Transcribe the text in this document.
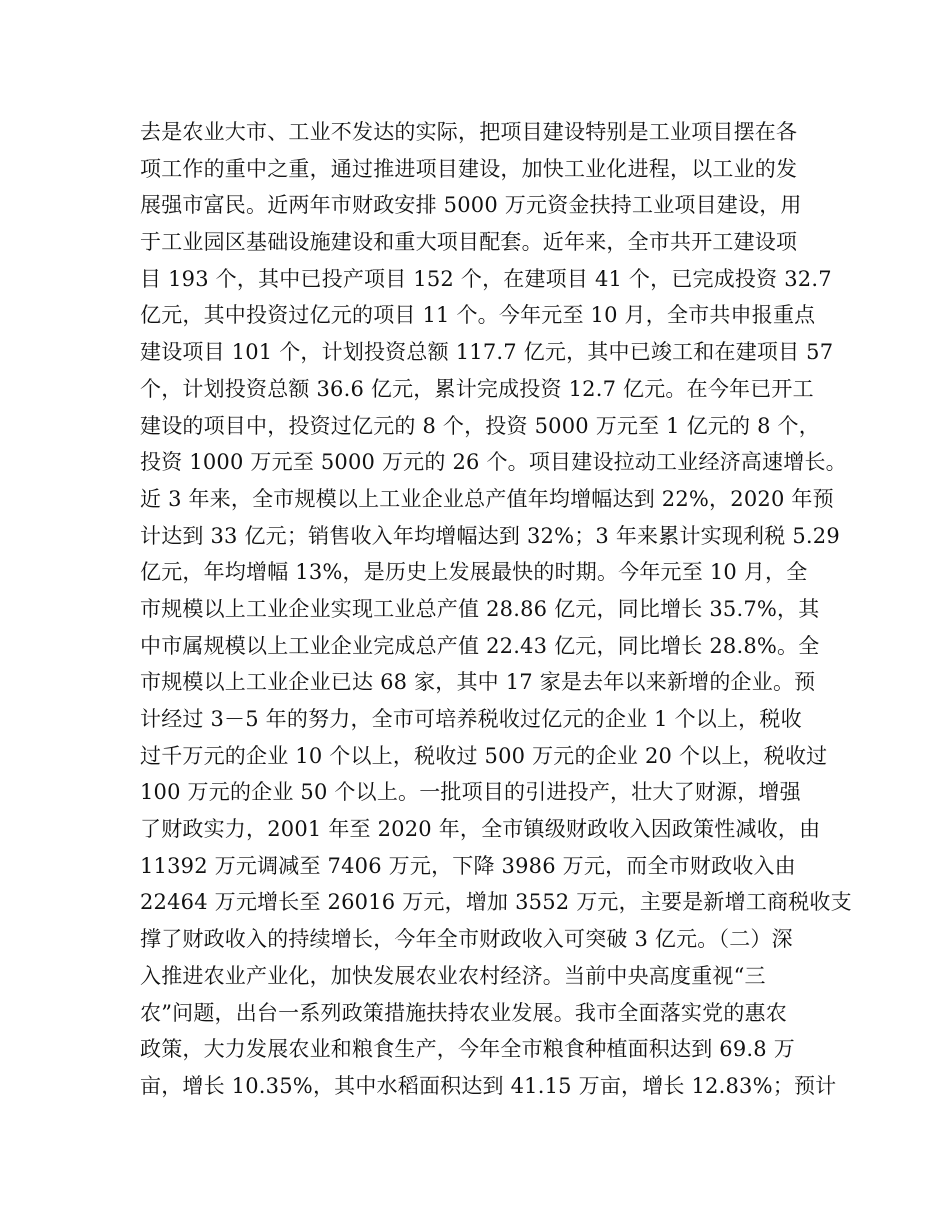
去是农业大市、工业不发达的实际，把项目建设特别是工业项目摆在各
项工作的重中之重，通过推进项目建设，加快工业化进程，以工业的发
展强市富民。近两年市财政安排 5000 万元资金扶持工业项目建设，用
于工业园区基础设施建设和重大项目配套。近年来，全市共开工建设项
目 193 个，其中已投产项目 152 个，在建项目 41 个，已完成投资 32.7
亿元，其中投资过亿元的项目 11 个。今年元至 10 月，全市共申报重点
建设项目 101 个，计划投资总额 117.7 亿元，其中已竣工和在建项目 57
个，计划投资总额 36.6 亿元，累计完成投资 12.7 亿元。在今年已开工
建设的项目中，投资过亿元的 8 个，投资 5000 万元至 1 亿元的 8 个，
投资 1000 万元至 5000 万元的 26 个。项目建设拉动工业经济高速增长。
近 3 年来，全市规模以上工业企业总产值年均增幅达到 22%，2020 年预
计达到 33 亿元；销售收入年均增幅达到 32%；3 年来累计实现利税 5.29
亿元，年均增幅 13%，是历史上发展最快的时期。今年元至 10 月，全
市规模以上工业企业实现工业总产值 28.86 亿元，同比增长 35.7%，其
中市属规模以上工业企业完成总产值 22.43 亿元，同比增长 28.8%。全
市规模以上工业企业已达 68 家，其中 17 家是去年以来新增的企业。预
计经过 3－5 年的努力，全市可培养税收过亿元的企业 1 个以上，税收
过千万元的企业 10 个以上，税收过 500 万元的企业 20 个以上，税收过
100 万元的企业 50 个以上。一批项目的引进投产，壮大了财源，增强
了财政实力，2001 年至 2020 年，全市镇级财政收入因政策性减收，由
11392 万元调减至 7406 万元，下降 3986 万元，而全市财政收入由
22464 万元增长至 26016 万元，增加 3552 万元，主要是新增工商税收支
撑了财政收入的持续增长，今年全市财政收入可突破 3 亿元。（二）深
入推进农业产业化，加快发展农业农村经济。当前中央高度重视“三
农”问题，出台一系列政策措施扶持农业发展。我市全面落实党的惠农
政策，大力发展农业和粮食生产，今年全市粮食种植面积达到 69.8 万
亩，增长 10.35%，其中水稻面积达到 41.15 万亩，增长 12.83%；预计
